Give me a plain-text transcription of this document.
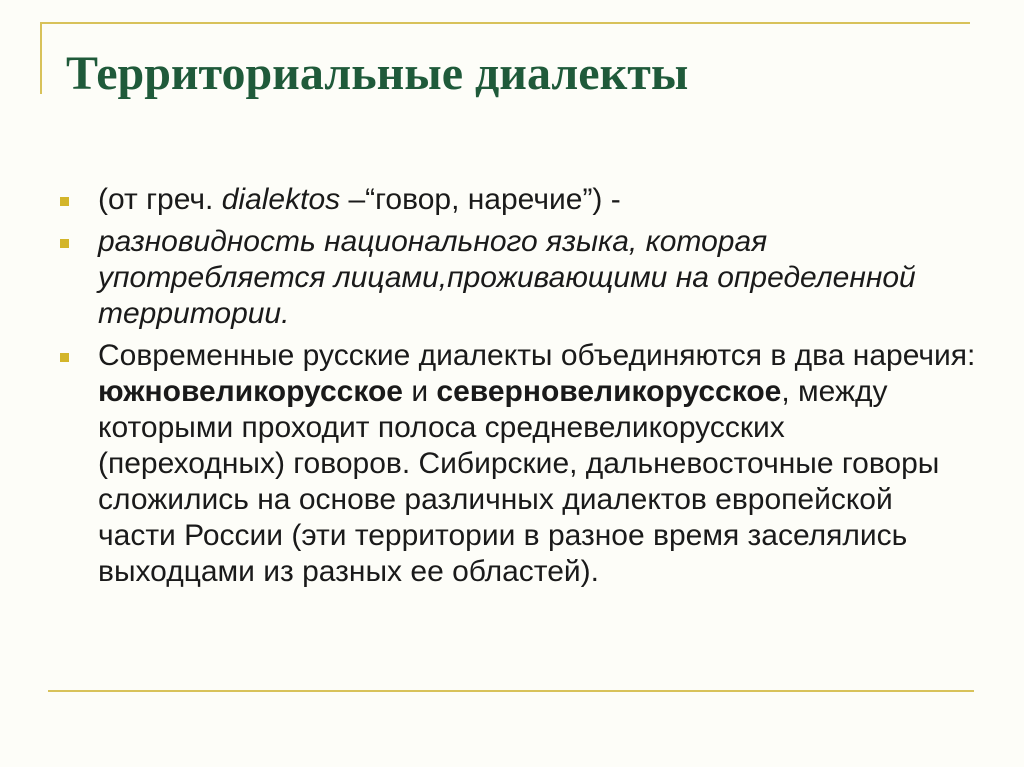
Территориальные диалекты
(от греч. dialektos –“говор, наречие”) -
разновидность национального языка, которая употребляется лицами,проживающими на определенной территории.
Современные русские диалекты объединяются в два наречия: южновеликорусское и северновеликорусское, между которыми проходит полоса средневеликорусских (переходных) говоров. Сибирские, дальневосточные говоры сложились на основе различных диалектов европейской части России (эти территории в разное время заселялись выходцами из разных ее областей).
